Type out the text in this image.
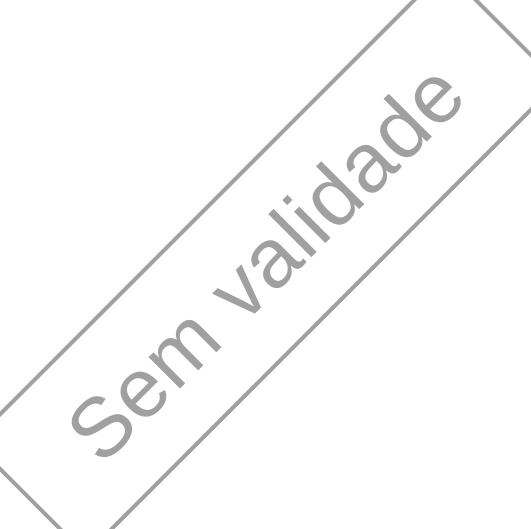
Sem validade
